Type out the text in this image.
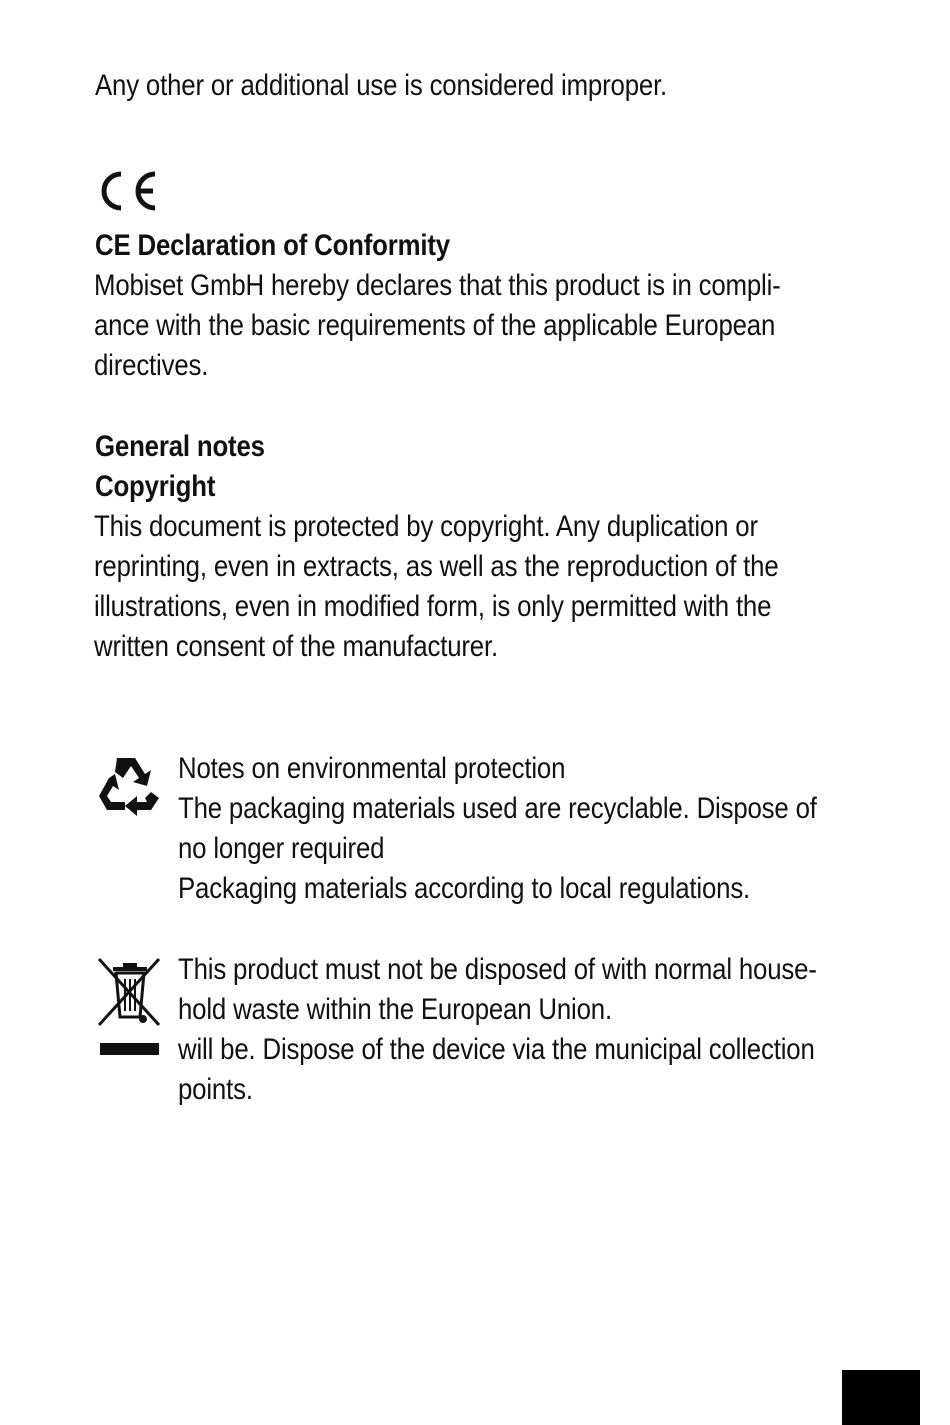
Any other or additional use is considered improper.
CE Declaration of Conformity
Mobiset GmbH hereby declares that this product is in compli-
ance with the basic requirements of the applicable European
directives.
General notes
Copyright
This document is protected by copyright. Any duplication or
reprinting, even in extracts, as well as the reproduction of the
illustrations, even in modified form, is only permitted with the
written consent of the manufacturer.
Notes on environmental protection
The packaging materials used are recyclable. Dispose of
no longer required
Packaging materials according to local regulations.
This product must not be disposed of with normal house-
hold waste within the European Union.
will be. Dispose of the device via the municipal collection
points.
